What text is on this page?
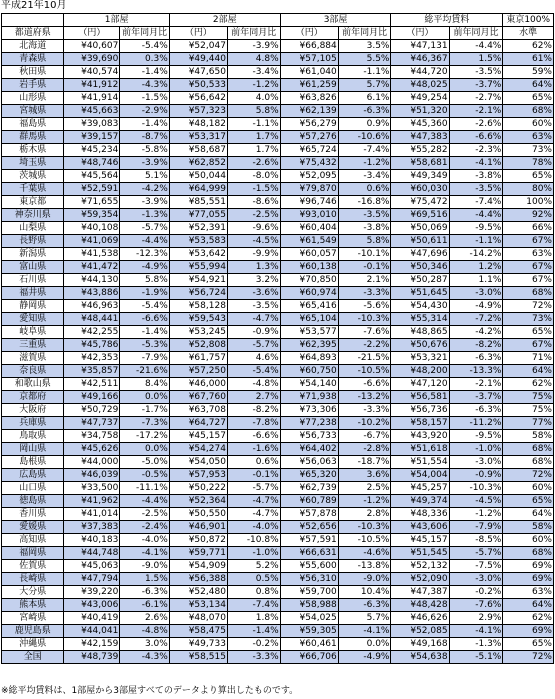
平成21年10月
	1部屋		2部屋		3部屋		総平均賃料		東京100%
都道府県	（円）	前年同月比	（円）	前年同月比	（円）	前年同月比	（円）	前年同月比	水準
北海道	¥40,607	-5.4%	¥52,047	-3.9%	¥66,884	3.5%	¥47,131	-4.4%	62%
青森県	¥39,690	0.3%	¥49,440	4.8%	¥57,105	5.5%	¥46,367	1.5%	61%
秋田県	¥40,574	-1.4%	¥47,650	-3.4%	¥61,040	-1.1%	¥44,720	-3.5%	59%
岩手県	¥41,912	-4.3%	¥50,533	-1.2%	¥61,259	5.7%	¥48,025	-3.7%	64%
山形県	¥41,914	-1.5%	¥56,642	4.0%	¥63,826	6.1%	¥49,254	-2.7%	65%
宮城県	¥45,663	-2.9%	¥57,323	5.8%	¥62,139	-6.3%	¥51,320	-2.1%	68%
福島県	¥39,083	-1.4%	¥48,182	-1.1%	¥56,279	0.9%	¥45,360	-2.6%	60%
群馬県	¥39,157	-8.7%	¥53,317	1.7%	¥57,276	-10.6%	¥47,383	-6.6%	63%
栃木県	¥45,234	-5.8%	¥58,687	1.7%	¥65,724	-7.4%	¥55,282	-2.3%	73%
埼玉県	¥48,746	-3.9%	¥62,852	-2.6%	¥75,432	-1.2%	¥58,681	-4.1%	78%
茨城県	¥45,564	5.1%	¥50,044	-8.0%	¥52,095	-3.4%	¥49,349	-3.8%	65%
千葉県	¥52,591	-4.2%	¥64,999	-1.5%	¥79,870	0.6%	¥60,030	-3.5%	80%
東京都	¥71,655	-3.9%	¥85,551	-8.6%	¥96,746	-16.8%	¥75,472	-7.4%	100%
神奈川県	¥59,354	-1.3%	¥77,055	-2.5%	¥93,010	-3.5%	¥69,516	-4.4%	92%
山梨県	¥40,108	-5.7%	¥52,391	-9.6%	¥60,404	-3.8%	¥50,069	-9.5%	66%
長野県	¥41,069	-4.4%	¥53,583	-4.5%	¥61,549	5.8%	¥50,611	-1.1%	67%
新潟県	¥41,538	-12.3%	¥53,642	-9.9%	¥60,057	-10.1%	¥47,696	-14.2%	63%
富山県	¥41,472	-4.9%	¥55,994	1.3%	¥60,138	-0.1%	¥50,346	1.2%	67%
石川県	¥44,130	5.8%	¥54,921	3.2%	¥70,850	2.1%	¥50,287	1.1%	67%
福井県	¥43,886	-1.9%	¥56,724	-3.6%	¥60,974	-3.3%	¥51,645	-3.0%	68%
静岡県	¥46,963	-5.4%	¥58,128	-3.5%	¥65,416	-5.6%	¥54,430	-4.9%	72%
愛知県	¥48,441	-6.6%	¥59,543	-4.7%	¥65,104	-10.3%	¥55,314	-7.2%	73%
岐阜県	¥42,255	-1.4%	¥53,245	-0.9%	¥53,577	-7.6%	¥48,865	-4.2%	65%
三重県	¥45,786	-5.3%	¥52,808	-5.7%	¥62,395	-2.2%	¥50,676	-8.2%	67%
滋賀県	¥42,353	-7.9%	¥61,757	4.6%	¥64,893	-21.5%	¥53,321	-6.3%	71%
奈良県	¥35,857	-21.6%	¥57,250	-5.4%	¥60,750	-10.5%	¥48,200	-13.3%	64%
和歌山県	¥42,511	8.4%	¥46,000	-4.8%	¥54,140	-6.6%	¥47,120	-2.1%	62%
京都府	¥49,166	0.0%	¥67,760	2.7%	¥71,938	-13.2%	¥56,581	-3.7%	75%
大阪府	¥50,729	-1.7%	¥63,708	-8.2%	¥73,306	-3.3%	¥56,736	-6.3%	75%
兵庫県	¥47,737	-7.3%	¥64,727	-7.8%	¥77,238	-10.2%	¥58,157	-11.2%	77%
鳥取県	¥34,758	-17.2%	¥45,157	-6.6%	¥56,733	-6.7%	¥43,920	-9.5%	58%
岡山県	¥45,626	0.0%	¥54,274	-1.6%	¥64,402	-2.8%	¥51,618	-1.0%	68%
島根県	¥44,000	-5.0%	¥54,050	0.6%	¥56,063	-18.7%	¥51,554	-3.0%	68%
広島県	¥46,039	-0.5%	¥57,953	-0.1%	¥65,320	3.6%	¥54,004	-0.9%	72%
山口県	¥33,500	-11.1%	¥50,222	-5.7%	¥62,739	2.5%	¥45,257	-10.3%	60%
徳島県	¥41,962	-4.4%	¥52,364	-4.7%	¥60,789	-1.2%	¥49,374	-4.5%	65%
香川県	¥41,014	-2.5%	¥50,550	-4.7%	¥57,878	2.8%	¥48,336	-1.2%	64%
愛媛県	¥37,383	-2.4%	¥46,901	-4.0%	¥52,656	-10.3%	¥43,606	-7.9%	58%
高知県	¥40,183	-4.0%	¥50,872	-10.8%	¥57,591	-10.5%	¥45,157	-8.5%	60%
福岡県	¥44,748	-4.1%	¥59,771	-1.0%	¥66,631	-4.6%	¥51,545	-5.7%	68%
佐賀県	¥45,063	-9.0%	¥54,909	5.2%	¥55,600	-13.8%	¥52,132	-7.5%	69%
長崎県	¥47,794	1.5%	¥56,388	0.5%	¥56,310	-9.0%	¥52,090	-3.0%	69%
大分県	¥39,220	-6.3%	¥52,480	0.8%	¥59,700	10.4%	¥47,387	-0.2%	63%
熊本県	¥43,006	-6.1%	¥53,134	-7.4%	¥58,988	-6.3%	¥48,428	-7.6%	64%
宮崎県	¥40,419	2.6%	¥48,070	1.8%	¥54,025	5.7%	¥46,626	2.9%	62%
鹿児島県	¥44,041	-4.8%	¥58,475	-1.4%	¥59,305	-4.1%	¥52,085	-4.1%	69%
沖縄県	¥42,159	3.0%	¥49,733	-0.2%	¥60,461	0.0%	¥49,168	-1.3%	65%
全国	¥48,739	-4.3%	¥58,515	-3.3%	¥66,706	-4.9%	¥54,638	-5.1%	72%
※総平均賃料は、1部屋から3部屋すべてのデータより算出したものです。
